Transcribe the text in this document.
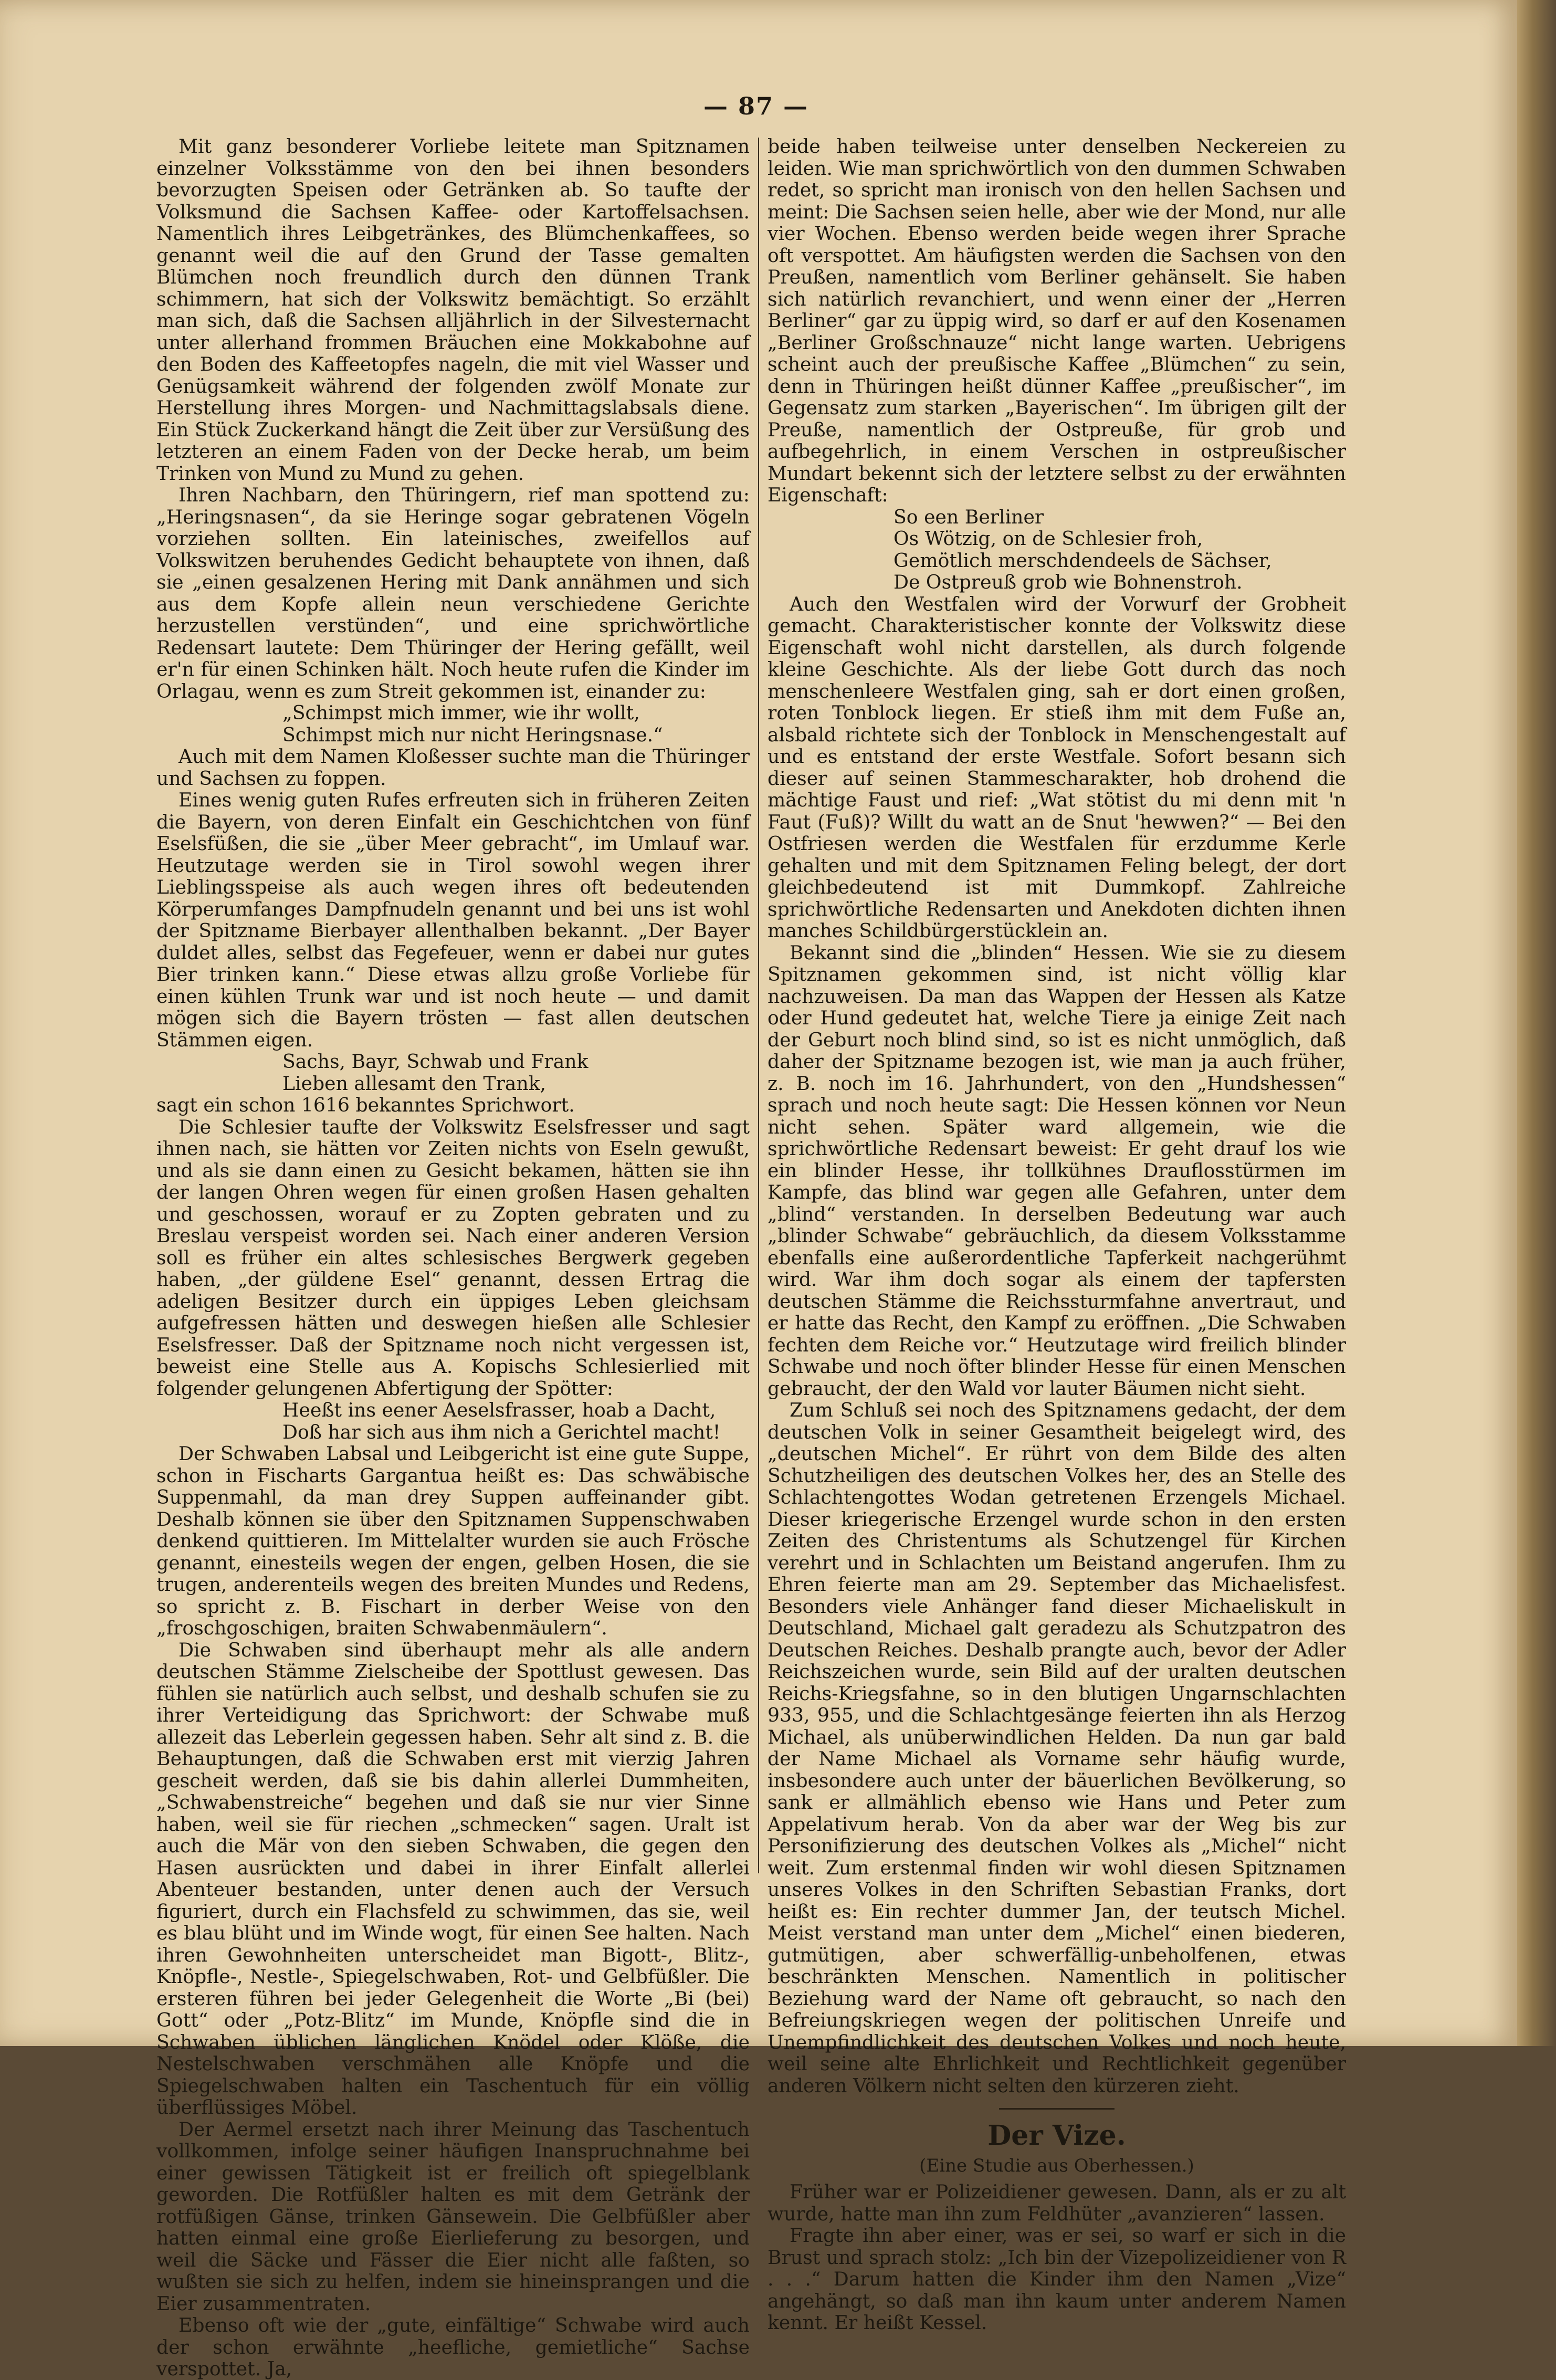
— 87 —

Mit ganz besonderer Vorliebe leitete man Spitznamen einzelner Volksstämme von den bei ihnen besonders bevorzugten Speisen oder Getränken ab. So taufte der Volksmund die Sachsen Kaffee- oder Kartoffelsachsen. Namentlich ihres Leibgetränkes, des Blümchenkaffees, so genannt weil die auf den Grund der Tasse gemalten Blümchen noch freundlich durch den dünnen Trank schimmern, hat sich der Volkswitz bemächtigt. So erzählt man sich, daß die Sachsen alljährlich in der Silvesternacht unter allerhand frommen Bräuchen eine Mokkabohne auf den Boden des Kaffeetopfes nageln, die mit viel Wasser und Genügsamkeit während der folgenden zwölf Monate zur Herstellung ihres Morgen- und Nachmittagslabsals diene. Ein Stück Zuckerkand hängt die Zeit über zur Versüßung des letzteren an einem Faden von der Decke herab, um beim Trinken von Mund zu Mund zu gehen.

Ihren Nachbarn, den Thüringern, rief man spottend zu: „Heringsnasen“, da sie Heringe sogar gebratenen Vögeln vorziehen sollten. Ein lateinisches, zweifellos auf Volkswitzen beruhendes Gedicht behauptete von ihnen, daß sie „einen gesalzenen Hering mit Dank annähmen und sich aus dem Kopfe allein neun verschiedene Gerichte herzustellen verstünden“, und eine sprichwörtliche Redensart lautete: Dem Thüringer der Hering gefällt, weil er'n für einen Schinken hält. Noch heute rufen die Kinder im Orlagau, wenn es zum Streit gekommen ist, einander zu:

„Schimpst mich immer, wie ihr wollt,
Schimpst mich nur nicht Heringsnase.“

Auch mit dem Namen Kloßesser suchte man die Thüringer und Sachsen zu foppen.

Eines wenig guten Rufes erfreuten sich in früheren Zeiten die Bayern, von deren Einfalt ein Geschichtchen von fünf Eselsfüßen, die sie „über Meer gebracht“, im Umlauf war. Heutzutage werden sie in Tirol sowohl wegen ihrer Lieblingsspeise als auch wegen ihres oft bedeutenden Körperumfanges Dampfnudeln genannt und bei uns ist wohl der Spitzname Bierbayer allenthalben bekannt. „Der Bayer duldet alles, selbst das Fegefeuer, wenn er dabei nur gutes Bier trinken kann.“ Diese etwas allzu große Vorliebe für einen kühlen Trunk war und ist noch heute — und damit mögen sich die Bayern trösten — fast allen deutschen Stämmen eigen.

Sachs, Bayr, Schwab und Frank
Lieben allesamt den Trank,

sagt ein schon 1616 bekanntes Sprichwort.

Die Schlesier taufte der Volkswitz Eselsfresser und sagt ihnen nach, sie hätten vor Zeiten nichts von Eseln gewußt, und als sie dann einen zu Gesicht bekamen, hätten sie ihn der langen Ohren wegen für einen großen Hasen gehalten und geschossen, worauf er zu Zopten gebraten und zu Breslau verspeist worden sei. Nach einer anderen Version soll es früher ein altes schlesisches Bergwerk gegeben haben, „der güldene Esel“ genannt, dessen Ertrag die adeligen Besitzer durch ein üppiges Leben gleichsam aufgefressen hätten und deswegen hießen alle Schlesier Eselsfresser. Daß der Spitzname noch nicht vergessen ist, beweist eine Stelle aus A. Kopischs Schlesierlied mit folgender gelungenen Abfertigung der Spötter:

Heeßt ins eener Aeselsfrasser, hoab a Dacht,
Doß har sich aus ihm nich a Gerichtel macht!

Der Schwaben Labsal und Leibgericht ist eine gute Suppe, schon in Fischarts Gargantua heißt es: Das schwäbische Suppenmahl, da man drey Suppen auffeinander gibt. Deshalb können sie über den Spitznamen Suppenschwaben denkend quittieren. Im Mittelalter wurden sie auch Frösche genannt, einesteils wegen der engen, gelben Hosen, die sie trugen, anderenteils wegen des breiten Mundes und Redens, so spricht z. B. Fischart in derber Weise von den „froschgoschigen, braiten Schwabenmäulern“.

Die Schwaben sind überhaupt mehr als alle andern deutschen Stämme Zielscheibe der Spottlust gewesen. Das fühlen sie natürlich auch selbst, und deshalb schufen sie zu ihrer Verteidigung das Sprichwort: der Schwabe muß allezeit das Leberlein gegessen haben. Sehr alt sind z. B. die Behauptungen, daß die Schwaben erst mit vierzig Jahren gescheit werden, daß sie bis dahin allerlei Dummheiten, „Schwabenstreiche“ begehen und daß sie nur vier Sinne haben, weil sie für riechen „schmecken“ sagen. Uralt ist auch die Mär von den sieben Schwaben, die gegen den Hasen ausrückten und dabei in ihrer Einfalt allerlei Abenteuer bestanden, unter denen auch der Versuch figuriert, durch ein Flachsfeld zu schwimmen, das sie, weil es blau blüht und im Winde wogt, für einen See halten. Nach ihren Gewohnheiten unterscheidet man Bigott-, Blitz-, Knöpfle-, Nestle-, Spiegelschwaben, Rot- und Gelbfüßler. Die ersteren führen bei jeder Gelegenheit die Worte „Bi (bei) Gott“ oder „Potz-Blitz“ im Munde, Knöpfle sind die in Schwaben üblichen länglichen Knödel oder Klöße, die Nestelschwaben verschmähen alle Knöpfe und die Spiegelschwaben halten ein Taschentuch für ein völlig überflüssiges Möbel.

Der Aermel ersetzt nach ihrer Meinung das Taschentuch vollkommen, infolge seiner häufigen Inanspruchnahme bei einer gewissen Tätigkeit ist er freilich oft spiegelblank geworden. Die Rotfüßler halten es mit dem Getränk der rotfüßigen Gänse, trinken Gänsewein. Die Gelbfüßler aber hatten einmal eine große Eierlieferung zu besorgen, und weil die Säcke und Fässer die Eier nicht alle faßten, so wußten sie sich zu helfen, indem sie hineinsprangen und die Eier zusammentraten.

Ebenso oft wie der „gute, einfältige“ Schwabe wird auch der schon erwähnte „heefliche, gemietliche“ Sachse verspottet. Ja,

beide haben teilweise unter denselben Neckereien zu leiden. Wie man sprichwörtlich von den dummen Schwaben redet, so spricht man ironisch von den hellen Sachsen und meint: Die Sachsen seien helle, aber wie der Mond, nur alle vier Wochen. Ebenso werden beide wegen ihrer Sprache oft verspottet. Am häufigsten werden die Sachsen von den Preußen, namentlich vom Berliner gehänselt. Sie haben sich natürlich revanchiert, und wenn einer der „Herren Berliner“ gar zu üppig wird, so darf er auf den Kosenamen „Berliner Großschnauze“ nicht lange warten. Uebrigens scheint auch der preußische Kaffee „Blümchen“ zu sein, denn in Thüringen heißt dünner Kaffee „preußischer“, im Gegensatz zum starken „Bayerischen“. Im übrigen gilt der Preuße, namentlich der Ostpreuße, für grob und aufbegehrlich, in einem Verschen in ostpreußischer Mundart bekennt sich der letztere selbst zu der erwähnten Eigenschaft:

So een Berliner
Os Wötzig, on de Schlesier froh,
Gemötlich merschdendeels de Sächser,
De Ostpreuß grob wie Bohnenstroh.

Auch den Westfalen wird der Vorwurf der Grobheit gemacht. Charakteristischer konnte der Volkswitz diese Eigenschaft wohl nicht darstellen, als durch folgende kleine Geschichte. Als der liebe Gott durch das noch menschenleere Westfalen ging, sah er dort einen großen, roten Tonblock liegen. Er stieß ihm mit dem Fuße an, alsbald richtete sich der Tonblock in Menschengestalt auf und es entstand der erste Westfale. Sofort besann sich dieser auf seinen Stammescharakter, hob drohend die mächtige Faust und rief: „Wat stötist du mi denn mit 'n Faut (Fuß)? Willt du watt an de Snut 'hewwen?“ — Bei den Ostfriesen werden die Westfalen für erzdumme Kerle gehalten und mit dem Spitznamen Feling belegt, der dort gleichbedeutend ist mit Dummkopf. Zahlreiche sprichwörtliche Redensarten und Anekdoten dichten ihnen manches Schildbürgerstücklein an.

Bekannt sind die „blinden“ Hessen. Wie sie zu diesem Spitznamen gekommen sind, ist nicht völlig klar nachzuweisen. Da man das Wappen der Hessen als Katze oder Hund gedeutet hat, welche Tiere ja einige Zeit nach der Geburt noch blind sind, so ist es nicht unmöglich, daß daher der Spitzname bezogen ist, wie man ja auch früher, z. B. noch im 16. Jahrhundert, von den „Hundshessen“ sprach und noch heute sagt: Die Hessen können vor Neun nicht sehen. Später ward allgemein, wie die sprichwörtliche Redensart beweist: Er geht drauf los wie ein blinder Hesse, ihr tollkühnes Drauflosstürmen im Kampfe, das blind war gegen alle Gefahren, unter dem „blind“ verstanden. In derselben Bedeutung war auch „blinder Schwabe“ gebräuchlich, da diesem Volksstamme ebenfalls eine außerordentliche Tapferkeit nachgerühmt wird. War ihm doch sogar als einem der tapfersten deutschen Stämme die Reichssturmfahne anvertraut, und er hatte das Recht, den Kampf zu eröffnen. „Die Schwaben fechten dem Reiche vor.“ Heutzutage wird freilich blinder Schwabe und noch öfter blinder Hesse für einen Menschen gebraucht, der den Wald vor lauter Bäumen nicht sieht.

Zum Schluß sei noch des Spitznamens gedacht, der dem deutschen Volk in seiner Gesamtheit beigelegt wird, des „deutschen Michel“. Er rührt von dem Bilde des alten Schutzheiligen des deutschen Volkes her, des an Stelle des Schlachtengottes Wodan getretenen Erzengels Michael. Dieser kriegerische Erzengel wurde schon in den ersten Zeiten des Christentums als Schutzengel für Kirchen verehrt und in Schlachten um Beistand angerufen. Ihm zu Ehren feierte man am 29. September das Michaelisfest. Besonders viele Anhänger fand dieser Michaeliskult in Deutschland, Michael galt geradezu als Schutzpatron des Deutschen Reiches. Deshalb prangte auch, bevor der Adler Reichszeichen wurde, sein Bild auf der uralten deutschen Reichs-Kriegsfahne, so in den blutigen Ungarnschlachten 933, 955, und die Schlachtgesänge feierten ihn als Herzog Michael, als unüberwindlichen Helden. Da nun gar bald der Name Michael als Vorname sehr häufig wurde, insbesondere auch unter der bäuerlichen Bevölkerung, so sank er allmählich ebenso wie Hans und Peter zum Appelativum herab. Von da aber war der Weg bis zur Personifizierung des deutschen Volkes als „Michel“ nicht weit. Zum erstenmal finden wir wohl diesen Spitznamen unseres Volkes in den Schriften Sebastian Franks, dort heißt es: Ein rechter dummer Jan, der teutsch Michel. Meist verstand man unter dem „Michel“ einen biederen, gutmütigen, aber schwerfällig-unbeholfenen, etwas beschränkten Menschen. Namentlich in politischer Beziehung ward der Name oft gebraucht, so nach den Befreiungskriegen wegen der politischen Unreife und Unempfindlichkeit des deutschen Volkes und noch heute, weil seine alte Ehrlichkeit und Rechtlichkeit gegenüber anderen Völkern nicht selten den kürzeren zieht.

Der Vize.
(Eine Studie aus Oberhessen.)

Früher war er Polizeidiener gewesen. Dann, als er zu alt wurde, hatte man ihn zum Feldhüter „avanzieren“ lassen.

Fragte ihn aber einer, was er sei, so warf er sich in die Brust und sprach stolz: „Ich bin der Vizepolizeidiener von R . . .“ Darum hatten die Kinder ihm den Namen „Vize“ angehängt, so daß man ihn kaum unter anderem Namen kennt. Er heißt Kessel.
